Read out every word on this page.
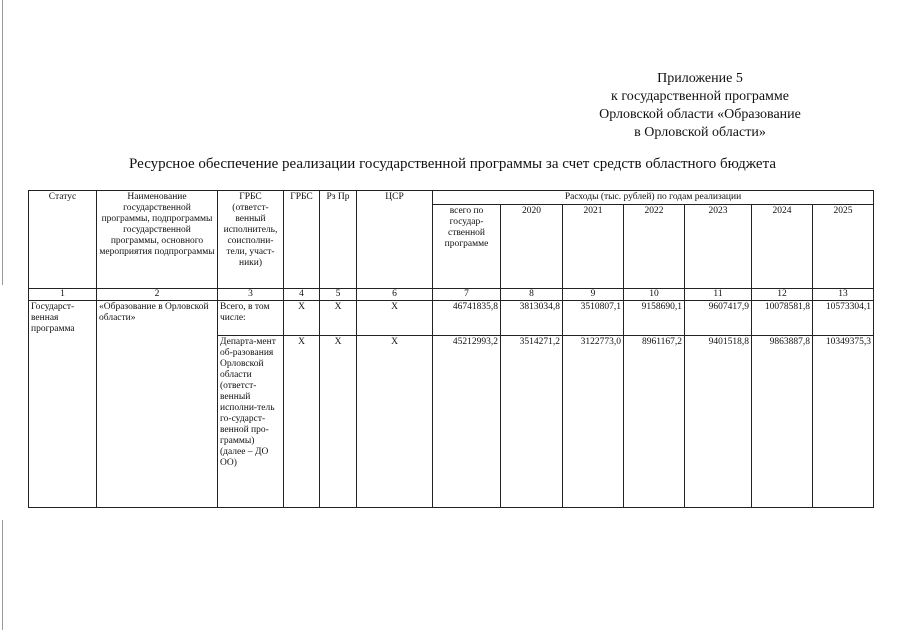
Приложение 5
к государственной программе
Орловской области «Образование
в Орловской области»
Ресурсное обеспечение реализации государственной программы за счет средств областного бюджета
Статус	Наименование государственной программы, подпрограммы государственной программы, основного мероприятия подпрограммы	ГРБС (ответст-венный исполнитель, соисполни-тели, участ-ники)	ГРБС	Рз Пр	ЦСР	Расходы (тыс. рублей) по годам реализации						
						всего по государ-ственной программе	2020	2021	2022	2023	2024	2025
1	2	3	4	5	6	7	8	9	10	11	12	13
Государст-венная программа	«Образование в Орловской области»	Всего, в том числе:	Х	Х	Х	46741835,8	3813034,8	3510807,1	9158690,1	9607417,9	10078581,8	10573304,1
		Департа-мент об-разования Орловской области (ответст-венный исполни-тель го-сударст-венной про-граммы) (далее – ДО ОО)	Х	Х	Х	45212993,2	3514271,2	3122773,0	8961167,2	9401518,8	9863887,8	10349375,3
